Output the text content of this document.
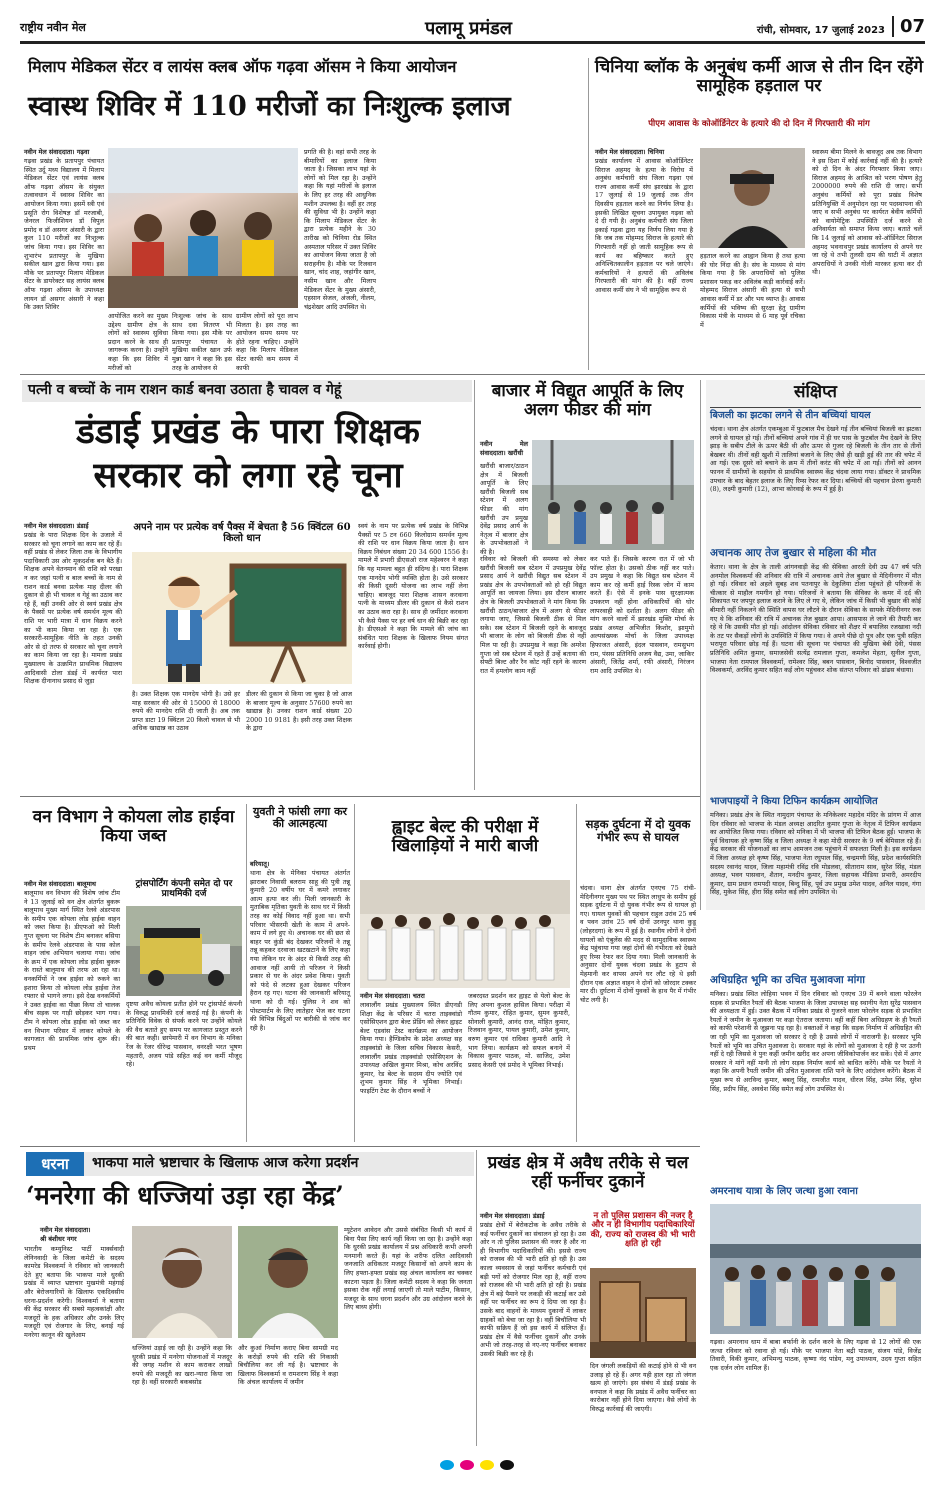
राष्ट्रीय नवीन मेल	पलामू प्रमंडल	रांची, सोमवार, 17 जुलाई 2023 07
मिलाप मेडिकल सेंटर व लायंस क्लब ऑफ गढ़वा ऑसम ने किया आयोजन
स्वास्थ शिविर में 110 मरीजों का निःशुल्क इलाज
नवीन मेल संवाददाता। गढ़वा
गढ़वा प्रखंड के प्रतापपुर पंचायत स्थित उर्दू मध्य विद्यालय में मिलाप मेडिकल सेंटर एवं लायंस क्लब ऑफ गढ़वा ऑसम के संयुक्त तत्वावधान में स्वास्थ शिविर का आयोजन किया गया। इसमें स्त्री एवं प्रसूति रोग विशेषज्ञ डॉ मरजाबी, जेनरल फिजीशियन डॉ विपुल प्रमोद व डॉ असगर अंसारी के द्वारा कुल 110 मरीजों का निःशुल्क जांच किया गया। इस शिविर का शुभारंभ प्रतापपुर के मुखिया सकील खान द्वारा किया गया। इस मौके पर प्रतापपुर मिलाप मेडिकल सेंटर के डायरेक्टर सह लायंस क्लब ऑफ गढ़वा ऑसम के उपाध्यक्ष लायन डॉ असगर अंसारी ने कहा कि उक्त शिविर
आयोजित करने का मुख्य उद्देश्य ग्रामीण क्षेत्र के लोगों को स्वास्थ्य सुविधा प्रदान करने के साथ ही जागरूक करना है। उन्होंने कहा कि इस शिविर में मरीजों को
निःशुल्क जांच के साथ साथ दवा वितरण भी किया गया। इस मौके पर प्रतापपुर पंचायत के मुखिया सकील खान उर्फ मुन्ना खान ने कहा कि इस तरह के आयोजन से
ग्रामीण लोगों को पूरा लाभ मिलता है। इस तरह का आयोजन समय समय पर होते रहना चाहिए। उन्होंने कहा कि मिलाप मेडिकल सेंटर काफी कम समय में काफी
प्रगति की है। वहां सभी तरह के बीमारियों का इलाज किया जाता है। जिसका लाभ यहां के लोगों को मिल रहा है। उन्होंने कहा कि यहां मरीजों के इलाज के लिए हर तरह की आधुनिक मशीन उपलब्ध है। वहीं हर तरह की सुविधा भी है। उन्होंने कहा कि मिलाप मेडिकल सेंटर के द्वारा प्रत्येक महीने के 30 तारीख को चिनिया रोड स्थित अस्पताल परिसर में उक्त शिविर का आयोजन किया जाता है जो सराहनीय है। मौके पर रिजवान खान, चांद शाह, जहांगीर खान, नसीम खान और मिलाप मेडिकल सेंटर के मुख्य अंसारी, एहसान सेजल, अंजली, नीलम, चंद्रशेखर आदि उपस्थित थे।
चिनिया ब्लॉक के अनुबंध कर्मी आज से तीन दिन रहेंगे सामूहिक हड़ताल पर
पीएम आवास के कोऑर्डिनेटर के हत्यारे की दो दिन में गिरफ्तारी की मांग
नवीन मेल संवाददाता। चिनिया
प्रखंड कार्यालय में आवास कोऑर्डिनेटर सिराज अहमद के हत्या के विरोध में अनुबंध कर्मचारी संघ जिला गढ़वा एवं राज्य आवास कर्मी संघ झारखंड के द्वारा 17 जुलाई से 19 जुलाई तक तीन दिवसीय हड़ताल करने का निर्णय लिया है। इसकी लिखित सूचना उपायुक्त गढ़वा को दे दी गयी है। अनुबंध कर्मचारी संघ जिला इकाई गढ़वा द्वारा यह निर्णय लिया गया है कि जब तक मोहम्मद सिराज के हत्यारे की गिरफ्तारी नहीं हो जाती सामूहिक रूप से कार्य का बहिष्कार करते हुए अनिश्चितकालीन हड़ताल पर चले जाएंगे। कर्मचारियों ने हत्यारों की अविलंब गिरफ्तारी की मांग की है। वहीं राज्य आवास कर्मी संघ ने भी सामूहिक रूप से
हड़ताल करने का आह्वान किया है तथा हत्या की घोर निंदा की है। संघ के माध्यम से मांग किया गया है कि अपराधियों को पुलिस प्रशासन पकड़ कर अविलंब कड़ी कार्रवाई करें। मोहम्मद सिराज अंसारी की हत्या से सभी आवास कर्मी में डर और भय व्याप्त है। आवास कर्मियों की भविष्य की सुरक्षा हेतु ग्रामीण विकास मंत्री के माध्यम से 6 माह पूर्व रचिका में
स्वास्थ्य बीमा मिलने के बावजूद अब तक विभाग ने इस दिशा में कोई कार्रवाई नहीं की है। हत्यारे को दो दिन के अंदर गिरफ्तार किया जाए। सिराज अहमद के आश्रित को भरण पोषण हेतु 2000000 रुपये की राशि दी जाए। सभी अनुबंध कर्मियों को पूरा प्रखंड विशेष प्रतिनियुक्ति में अनुमोदन रहा पर पदस्थापना की जाए व सभी अनुबंध पर कार्यरत बेवीय कर्मियों को वायोमेट्रिक उपस्थिति दर्ज करने से अनिवार्यता को समाप्त किया जाए। बताते चलें कि 14 जुलाई को आवास को-ऑर्डिनेटर सिराज अहमद भवनाथपुर प्रखंड कार्यालय से अपने घर जा रहे थे तभी तुलसी दाम की घाटी में अज्ञात अपराधियों ने उनकी गोली मारकर हत्या कर दी थी।
पत्नी व बच्चों के नाम राशन कार्ड बनवा उठाता है चावल व गेहूं
डंडाई प्रखंड के पारा शिक्षक सरकार को लगा रहे चूना
नवीन मेल संवाददाता। डंडाई
प्रखंड के पारा शिक्षक दिन के उजाले में सरकार को चूना लगाने का काम कर रहे हैं। वहीं प्रखंड से लेकर जिला तक के विभागीय पदाधिकारी उस ओर मूकदर्शक बन बैठे हैं। शिक्षक अपने वेतनमान की राशि को परखा न कर जहां पत्नी व बाल बच्चों के नाम से राशन कार्ड बनवा प्रत्येक माह दीलर की दुकान से ही भी चावल व गेहूं का उठाव कर रहे हैं, वहीं उनकी ओर से स्वयं प्रखंड क्षेत्र के पैक्सों पर प्रत्येक वर्ष समर्थन मूल्य की राशि पर भारी मात्रा में धान विक्रय करने का भी काम किया जा रहा है। एक सरकारी-सामूहिक नीति के तहत उनकी ओर से दो तरफ से सरकार को चूना लगाने का काम किया जा रहा है। मामला प्रखंड मुख्यालय के उत्क्रमित प्राथमिक विद्यालय आदिवासी टोला डंडई में कार्यरत पारा शिक्षक दीनानाथ प्रसाद से जुड़ा
अपने नाम पर प्रत्येक वर्ष पैक्स में बेचता है 56 क्विंटल 60 किलो धान
है। उक्त शिक्षक एक मानदेय भोगी है। उसे हर माह सरकार की ओर से 15000 से 18000 रुपये की मानदेय राशि दी जाती है। अब तक प्राप्त डाटा 19 क्विंटल 20 किलो चावल से भी अधिक खाद्यान्न का उठाव
डीलर की दुकान से किया जा चुका है जो आज के बाजार मूल्य के अनुसार 57600 रुपये का खाद्यान्न है। उनका राशन कार्ड संख्या 20 2000 10 9181 है। इसी तरह उक्त शिक्षक के द्वारा
स्वयं के नाम पर प्रत्येक वर्ष प्रखंड के विभिन्न पैक्सों पर 5 टन 660 किलोग्राम समर्थन मूल्य की राशि पर धान विक्रय किया जाता है। धान विक्रय निबंधन संख्या 20 34 600 1556 है। मामले में प्रभारी डीएसओ राज महेश्वरन ने कहा कि यह मामला बहुत ही संदिग्ध है। पारा शिक्षक एक मानदेय भोगी व्यक्ति होता है। उसे सरकार की किसी दूसरी योजना का लाभ नहीं लेना चाहिए। बावजूद पारा शिक्षक शासन करवाना पत्नी के माध्यम डीलर की दुकान से कैसे राशन का उठाव करा रहा है। साथ ही जमींदार करवाना भी कैसे पैक्स पर हर वर्ष धान की बिक्री कर रहा है। डीएसओ ने कहा कि मामले की जांच का संबंधित पारा शिक्षक के खिलाफ नियम संगत कार्रवाई होगी।
बाजार में विद्युत आपूर्ति के लिए अलग फीडर की मांग
नवीन मेल संवाददाता। खरौंधी
खरौंधी बाजार/ठाठन क्षेत्र में बिजली आपूर्ति के लिए खरौंधी बिजली सब स्टेशन में अलग फीडर की मांग खरौंधी उप प्रमुख देवेंद्र प्रसाद आर्य के नेतृत्व में बाजार क्षेत्र के उपभोक्ताओं ने की है।
रविवार को बिजली की समस्या को लेकर खरौंधी बिजली सब स्टेशन में उपप्रमुख देवेंद्र प्रसाद आर्य ने खरौंधी विद्युत सब स्टेशन में प्रखंड क्षेत्र के उपभोक्ताओं को हो रही विद्युत आपूर्ति का जायजा लिया। इस दौरान बाजार क्षेत्र के बिजली उपभोक्ताओं ने मांग किया कि खरौंधी ठाठन/बाजार क्षेत्र में अलग से फीडर लगाया जाए, जिससे बिजली ठीक से मिल सके। सब स्टेशन में बिजली रहने के बावजूद भी बाजार के लोग को बिजली ठीक से नहीं मिल पा रही है। उपप्रमुख ने कहा कि अमरेश गुप्ता जो सब स्टेशन में रहते हैं उन्हें बताया की सेफ्टी बिल्ट और रैन कोट नहीं रहने के कारण रात में हमलोग काम नहीं
कर पाते हैं। जिसके कारण रात में जो भी फॉल्ट होता है। उसको ठीक नहीं कर पाते। उप प्रमुख ने कहा कि विद्युत सब स्टेशन में काम कर रहे कर्मी हाई रिस्क जोन में काम करते हैं। ऐसे में इनके पास सुरक्षात्मक उपकरण नहीं होना अधिकारियों की घोर लापरवाही को दर्शाता है। अलग फीडर की मांग करने वालों में झारखंड मुक्ति मोर्चा के प्रखंड अध्यक्ष अभिजीत किशोर, झामुमो अल्पसंख्यक मोर्चा के जिला उपाध्यक्ष हिफाजत अंसारी, इंदल पासवान, रामसुभग राम, पंसस प्रतिनिधि अजय वैद्य, उमा, जाकिर अंसारी, जितेंद्र शर्मा, रफी अंसारी, निरंजन राम आदि उपस्थित थे।
संक्षिप्त
बिजली का झटका लगने से तीन बच्चियां घायल
चंदवा। थाना क्षेत्र अंतर्गत एकम्बुआ में फुटबाल मैच देखने गई तीन बच्चियां बिजली का झटका लगने से घायल हो गई। तीनों बच्चियां अपने गांव में ही घर पास के फुटबॉल मैच देखने के लिए झाड़ के सबीप टीले के ऊपर बैठी थी और ऊपर से गुजर रहे बिजली के तीन तार से तीनों बेखबर थी। तीनों वही खुशी में तालियां बजाने के लिए जैसे ही खड़ी हुई की तार की चपेट में आ गई। एक दूसरे को बचाने के क्रम में तीनों करंट की चपेट में आ गई। तीनों को आनन फानन में ग्रामीणों के सहयोग से प्राथमिक स्वास्थ्य केंद्र चंदवा लाया गया। डॉक्टर ने प्राथमिक उपचार के बाद बेहतर इलाज के लिए रिम्स रेफर कर दिया। बच्चियों की पहचान प्रेरणा कुमारी (8), लक्ष्मी कुमारी (12), आभा कोरवाई के रूप में हुई है।
अचानक आए तेज बुखार से महिला की मौत
केतार। थाना के क्षेत्र के ताली आंगनवाड़ी केंद्र की सेविका आरती देवी उम्र 47 वर्ष पति अनमोल विश्वकर्मा की शनिवार की रात्रि में अचानक आये तेज बुखार से मेदिनीनगर में मौत हो गई। रविवार को अहले सुबह शव पतनापुर के देकुलिया टोला पहुंचते ही परिजनों के चीत्कार से माहौल गमगीन हो गया। परिजनों ने बताया कि सेविका के कमर में दर्द की शिकायत पर जपपुर इलाज कराने के लिए ले गए थे, लेकिन जांच में किसी भी बुखार की कोई बीमारी नहीं निकलने की स्थिति वापस घर लौटने के दौरान सेविका के सायके मेदिनीनगर रुक गए थे कि शनिवार की रात्रि में अचानक तेज बुखार आया। आसपास ले जाने की तैयारी कर रहे थे कि उसकी मौत हो गई। आंदोलन सेविका रविवार को शैक्षर में बयालिस रजखावा नदी के तट पर सैकड़ों लोगों के उपस्थिति में किया गया। वे अपने पीछे दो पुत्र और एक पुत्री सहित भरापूरा परिवार छोड़ गई हैं। घटना की सूचना पर पंचायत की मुखिया बेबी देवी, पंसस प्रतिनिधि अमित कुमार, समाजसेवी सत्येंद्र रामलाल गुप्ता, कमलेश मेहता, सुनील गुप्ता, भाजपा नेता रामपाल विश्वकर्मा, रामेश्वर सिंह, बबन पासवान, बिनोद पासवान, विश्वजीत विश्वकर्मा, अरविंद कुमार सहित कई लोग पहुंचकर शोक संतप्त परिवार को ढांढस बंधाया।
भाजपाइयों ने किया टिफिन कार्यक्रम आयोजित
मनिका। प्रखंड क्षेत्र के स्थित नामुदाग पंचायत के मनिकेश्वर महादेव मंदिर के प्रांगण में आज दिन रविवार को भाजपा के मंडल अध्यक्ष आदरित कुमार गुप्ता के नेतृत्व में टिफिन कार्यक्रम का आयोजित किया गया। रविवार को मनिका में भी भाजपा की टिफिन बैठक हुई। भाजपा के पूर्व विधायक हरे कृष्ण सिंह व जिला अध्यक्ष ने कहा मोदी सरकार के 9 वर्ष बेमिसाल रहे हैं। केंद्र सरकार की योजनाओं का लाभ आमजन तक पहुंचाने में सफलता मिली है। इस कार्यक्रम में जिला अध्यक्ष हरे कृष्ण सिंह, भाजपा नेता रघुपाल सिंह, चन्द्रमणी सिंह, प्रदेश कार्यसमिति सदस्य रवानंद यादव, जिला महामंत्री रविंद्र रवि मोडलवा, सीताराम साव, सुरेश सिंह, मंडल अध्यक्ष, भवन पासवान, शैतान, मनदीप कुमार, जिला सहायक मीडिया प्रभारी, अमरदीप कुमार, ग्राम प्रधान रामपदी यादव, बिन्दु सिंह, पूर्व उप प्रमुख उमेश यादव, अनिल यादव, गंगा सिंह, मुकेश सिंह, हीरा सिंह समेत कई लोग उपस्थित थे।
अधिग्रहित भूमि का उचित मुआवजा मांगा
मनिका। प्रखंड स्थित लोहिया भवन में दिन रविवार को एनएच 39 में बनने वाला फोरलेन सड़क से प्रभावित रैयतों की बैठक भाजपा के जिला उपाध्यक्ष सह स्थानीय नेता सुरेंद्र पासवान की अध्यक्षता में हुई। उक्त बैठक में मनिका प्रखंड से गुजरने वाला फोरलेन सड़क से प्रभावित रैयतों ने जमीन के मुआवजा पर कड़ा ऐतराज जताया। वहीं कहीं बिना अधिग्रहण के ही रैयतों को काफी परेशानी से जूझना पड़ रहा है। वक्ताओं ने कहा कि सड़क निर्माण में अधिग्रहित की जा रही भूमि का मुआवजा जो सरकार दे रही है उससे लोगों में नाराजगी है। सरकार भूमि रैयतों को भूमि का उचित मुआवजा दे। सरकार यहां के लोगों को मुआवजा दे रही है पर उतनी नहीं दे रही जिससे वे पुनः कहीं जमीन खरीद कर अपना जीविकोपार्जन कर सकें। ऐसे में अगर सरकार ने मांगें नहीं मानी तो लोग सड़क निर्माण कार्य को बाधित करेंगे। मौके पर रैयतों ने कहा कि अपनी रैयती जमीन की उचित मुआवजा राशि पाने के लिए आंदोलन करेंगे। बैठक में मुख्य रूप से अरविन्द कुमार, बबलू सिंह, रामजीत यादव, धीरज सिंह, उमेश सिंह, सुरेश सिंह, प्रदीप सिंह, अवधेश सिंह समेत कई लोग उपस्थित थे।
अमरनाथ यात्रा के लिए जत्था हुआ रवाना
गढ़वा। अमरनाथ धाम में बाबा बर्फानी के दर्शन करने के लिए गढ़वा से 12 लोगों की एक जत्था रविवार को रवाना हो गई। मौके पर भाजपा नेता बद्री पाठक, संजय पांडे, विजेंद्र तिवारी, विकी कुमार, अभिमन्यु पाठक, कृष्णा नंद पांडेय, मनु उपाध्याय, उदय गुप्ता सहित एक दर्जन लोग शामिल हैं।
वन विभाग ने कोयला लोड हाईवा किया जब्त
नवीन मेल संवाददाता। बालूमाथ
बालूमाथ वन विभाग की विशेष जांच टीम ने 13 जुलाई को वन क्षेत्र अंतर्गत बुकरू बालूमाथ मुख्य मार्ग स्थित रेलवे अंडरपास के समीप एक कोयला लोड हाईवा वाहन को जब्त किया है। डीएफओ को मिली गुप्त सूचना पर विशेष टीम बनाकर बसिया के समीप रेलवे अंडरपास के पास कोल वाहन जांच अभियान चलाया गया। जांच के क्रम में एक कोयला लोड हाईवा बुकरू के रास्ते बालूमाथ की तरफ आ रहा था। वनकर्मियों ने जब हाईवा को रुकने का इशारा किया तो कोयला लोड हाईवा तेज रफ्तार से भागने लगा। इसे देख वनकर्मियों ने उक्त हाईवा का पीछा किया तो चालक बीच सड़क पर गाड़ी छोड़कर भाग गया। टीम ने कोयला लोड हाईवा को जब्त कर वन विभाग परिसर में लाकर कोयले के कागजात की प्राथमिक जांच शुरू की। प्रथम
ट्रांसपोर्टिंग कंपनी समेत दो पर प्राथमिकी दर्ज
दृष्टया अवैध कोयला प्रतीत होने पर ट्रांसपोर्ट कंपनी के विरुद्ध प्राथमिकी दर्ज कराई गई है। कंपनी के प्रतिनिधि विवेक से संपर्क करने पर उन्होंने कोयले की वैध बताते हुए समय पर कागजात प्रस्तुत करने की बात कही। छापेमारी में वन विभाग के मनिका रेंज के रेंजर धीरेन्द्र पासवान, वनरक्षी भरत भूषण महतारी, अजय पांडे सहित कई वन कर्मी मौजूद रहे।
युवती ने फांसी लगा कर की आत्महत्या
बरियातू।
थाना क्षेत्र के मेनिका पंचायत अंतर्गत झाराबर निवासी बलराम साहू की पुत्री तन्नू कुमारी 20 वर्षीय घर में कमरे लगाकर आत्म हत्या कर ली। मिली जानकारी के मुताबिक मृतिका युवती के साथ घर में किसी तरह का कोई विवाद नहीं हुआ था। सभी परिवार भीसरमी खेती के काम में अपने-काम में लगे हुए थे। अचानक घर की छत से बाहर पर कुंडी बंद देखकर परिजनों ने तन्नू तन्नू कहकर दरवाजा खटखटाने के लिए कहा गया लेकिन घर के अंदर से किसी तरह की आवाज नहीं आयी तो परिजन ने किसी प्रकार से घर के अंदर प्रवेश किया। युवती को फंदे से लटका हुआ देखकर परिजन हैरान रह गए। घटना की जानकारी बरियातू थाना को दी गई। पुलिस ने शव को पोस्टमार्टम के लिए लातेहार भेज कर घटना की विभिन्न बिंदुओं पर बारीकी से जांच कर रही है।
ह्वाइट बेल्ट की परीक्षा में खिलाड़ियों ने मारी बाजी
नवीन मेल संवाददाता। चतरा
लावालौंग प्रखंड मुख्यालय स्थित डीएनडी शिक्षा केंद्र के परिसर में चतरा ताइक्वांडो एसोसिएशन द्वारा बेल्ट प्रेडिंग को लेकर ह्वाइट बेल्ट एडवांस टेस्ट कार्यक्रम का आयोजन किया गया। हैण्डिकोप के प्रदेश अध्यक्ष सह ताइक्वांडो के जिला सचिव विकास केसरी, लावालौंग प्रखंड ताइक्वांडो एसोसिएशन के उपाध्यक्ष अखिल कुमार मिश्रा, कोच अरविंद कुमार, रेड बेल्ट के सदस्य दीप ज्योति एवं शुभम कुमार सिंह ने भूमिका निभाई। फाइटिंग टेस्ट के दौरान बच्चों ने
जबरदस्त प्रदर्शन कर ह्वाइट से येलो बेल्ट के लिए अपना कुशल हासिल किया। परीक्षा में गौतम कुमार, रोहित कुमार, सुमन कुमारी, सोनाली कुमारी, आनंद राज, मोहित कुमार, रिजवान कुमार, पायल कुमारी, उमेश कुमार, वरुण कुमार एवं राधिका कुमारी आदि ने भाग लिया। कार्यक्रम को सफल बनाने में विकास कुमार पाठक, मो. साजिद, उमेश प्रसाद केसरी एवं प्रमोद ने भूमिका निभाई।
सड़क दुर्घटना में दो युवक गंभीर रूप से घायल
चंदवा। थाना क्षेत्र अंतर्गत एनएच 75 रांची-मेदिनीनगर मुख्य पथ पर स्थित लाधुप के समीप हुई सड़क दुर्घटना में दो युवक गंभीर रूप से घायल हो गए। घायल युवकों की पहचान राहुल उरांव 25 वर्ष व पवन उरांव 25 वर्ष दोनों उरनपुर थाना कुडू (लोहरदगा) के रूप में हुई है। स्थानीय लोगों ने दोनों घायलों को एंबुलेंस की मदद से सामुदायिक स्वास्थ्य केंद्र पहुंचाया गया जहां दोनों की गंभीरता को देखते हुए रिम्स रेफर कर दिया गया। मिली जानकारी के अनुसार दोनों युवक चंदवा प्रखंड के हुटाप से मेहमानी कर वापस अपने घर लौट रहे थे इसी दौरान एक अज्ञात वाहन ने दोनों को जोरदार टक्कर मार दी। दुर्घटना में दोनों युवकों के हाथ पैर में गंभीर चोट लगी है।
धरना	भाकपा माले भ्रष्टाचार के खिलाफ आज करेगा प्रदर्शन
‘मनरेगा की धज्जियां उड़ा रहा केंद्र’
नवीन मेल संवाददाता।
श्री बंशीधर नगर
भारतीय कम्युनिस्ट पार्टी मार्क्सवादी लेनिनवादी के जिला कमेटी के सदस्य कामरेड विश्वकर्मा ने रविवार को जानकारी देते हुए बताया कि भाकपा माले धुरकी प्रखंड में व्याप्त भ्रष्टाचार मुखमंत्री महंगाई और बेरोजगारियों के खिलाफ एकदिवसीय धरना-प्रदर्शन करेगी। विश्वकर्मा ने बताया की केंद्र सरकार की सबसे महत्वकांक्षी और मजदूरों के हक अधिकार और उनके लिए मजदूरी एवं रोजगार के लिए, बनाई गई मनरेगा कानून की खुलेआम
धज्जियां उड़ाई जा रही है। उन्होंने कहा कि धुरकी प्रखंड में मनरेगा योजनाओं में मजदूर की जगह मशीन से काम कराकर लाखों रुपये की मजदूरी का खरा-न्यारा किया जा रहा है। वहीं सरकारी बकबसोड
और कुआं निर्माण कराए बिना सामग्री मद के करोड़ों रुपये की राशि की निकासी बिचौलिया कर ली गई है। भ्रष्टाचार के खिलाफ विश्वकर्मा व रामशरण सिंह ने कहा कि अंचल कार्यालय में जमीन
म्यूटेशन आवेदन और उससे संबंधित किसी भी कार्य में बिना पैसा लिए कार्य नहीं किया जा रहा है। उन्होंने कहा कि धुरकी प्रखंड कार्यालय में प्रश्न अधिकारी कभी अपनी मनमानी करते हैं। यहां के शरीफ दलित आदिवासी जनजाति अधिकतर मजदूर किसानों को अपने काम के लिए हफ्ता-हफ्ता प्रखंड सह अंचल कार्यालय का चक्कर काटना पड़ता है। जिला कमेटी सदस्य ने कहा कि जनता इसका रोक नहीं लगाई जाएगी तो माले पाटीम, किसान, मजदूर के साथ धरना प्रदर्शन और उग्र आंदोलन करने के लिए बाध्य होगी।
प्रखंड क्षेत्र में अवैध तरीके से चल रहीं फर्नीचर दुकानें
नवीन मेल संवाददाता। डंडाई
प्रखंड क्षेत्रों में बेरोकटोक के अवैध तरीके से कई फर्नीचर दुकानें का संचालन हो रहा है। उस ओर न तो पुलिस प्रशासन की नजर है और ना ही विभागीय पदाधिकारियों की। इससे राज्य को राजस्व की भी भारी क्षति हो रही है। उस काला व्यवसाय से जहां फर्नीचर कर्मचारी एवं बड़ी पगों को रोजगार मिल रहा है, वहीं राज्य को राजस्व की भी भारी क्षति हो रही है। प्रखंड क्षेत्र में बड़े पैमाने पर लकड़ी की कटाई कर उसे वहीं पर फर्नीचर का रूप दे दिया जा रहा है। उसके बाद वाहनों के माध्यम दुकानों में लाकर ग्राहकों को बेचा जा रहा है। वहीं बिचौलिया भी काफी सक्रिय हैं जो इस कार्य में संलिप्त हैं। प्रखंड क्षेत्र में वैसे फर्नीचर दुकानें और उनके अभी जो तरह-तरह से नए-नए फर्नीचर बनाकर उसकी बिक्री कर रहे हैं।
न तो पुलिस प्रशासन की नजर है और न ही विभागीय पदाधिकारियों की, राज्य को राजस्व की भी भारी क्षति हो रही
दिन जंगली लकड़ियों की कटाई होने से भी वन उजाड़ हो रहे हैं। अगर यही हाल रहा तो जंगल खत्म हो जाएंगे। इस संबंध में डंडई प्रखंड के वनपाल ने कहा कि प्रखंड में अवैध फर्नीचर का कारोबार नहीं होने दिया जाएगा। वैसे लोगों के विरुद्ध कार्रवाई की जाएगी।
